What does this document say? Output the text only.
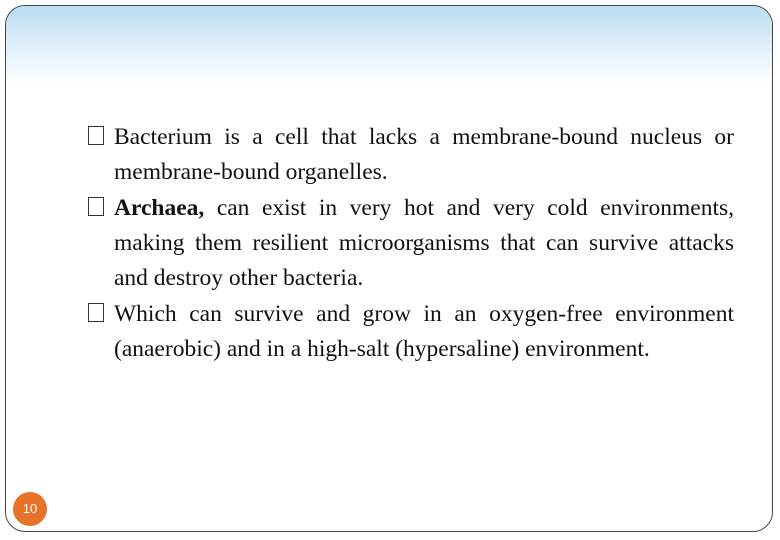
Bacterium is a cell that lacks a membrane-bound nucleus or membrane-bound organelles.

Archaea, can exist in very hot and very cold environments, making them resilient microorganisms that can survive attacks and destroy other bacteria.

Which can survive and grow in an oxygen-free environment (anaerobic) and in a high-salt (hypersaline) environment.

10
